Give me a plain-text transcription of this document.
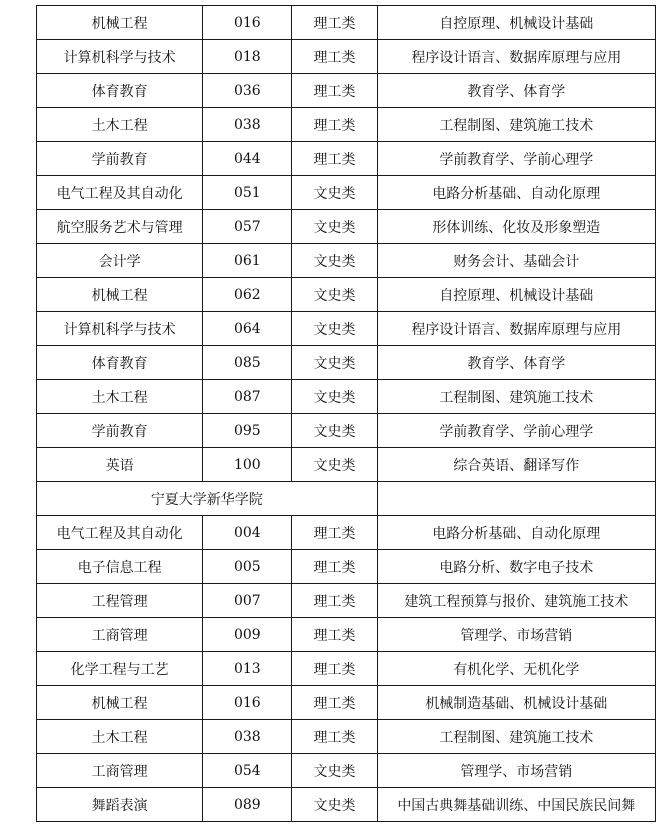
机械工程	016	理工类	自控原理、机械设计基础
计算机科学与技术	018	理工类	程序设计语言、数据库原理与应用
体育教育	036	理工类	教育学、体育学
土木工程	038	理工类	工程制图、建筑施工技术
学前教育	044	理工类	学前教育学、学前心理学
电气工程及其自动化	051	文史类	电路分析基础、自动化原理
航空服务艺术与管理	057	文史类	形体训练、化妆及形象塑造
会计学	061	文史类	财务会计、基础会计
机械工程	062	文史类	自控原理、机械设计基础
计算机科学与技术	064	文史类	程序设计语言、数据库原理与应用
体育教育	085	文史类	教育学、体育学
土木工程	087	文史类	工程制图、建筑施工技术
学前教育	095	文史类	学前教育学、学前心理学
英语	100	文史类	综合英语、翻译写作
宁夏大学新华学院			
电气工程及其自动化	004	理工类	电路分析基础、自动化原理
电子信息工程	005	理工类	电路分析、数字电子技术
工程管理	007	理工类	建筑工程预算与报价、建筑施工技术
工商管理	009	理工类	管理学、市场营销
化学工程与工艺	013	理工类	有机化学、无机化学
机械工程	016	理工类	机械制造基础、机械设计基础
土木工程	038	理工类	工程制图、建筑施工技术
工商管理	054	文史类	管理学、市场营销
舞蹈表演	089	文史类	中国古典舞基础训练、中国民族民间舞
